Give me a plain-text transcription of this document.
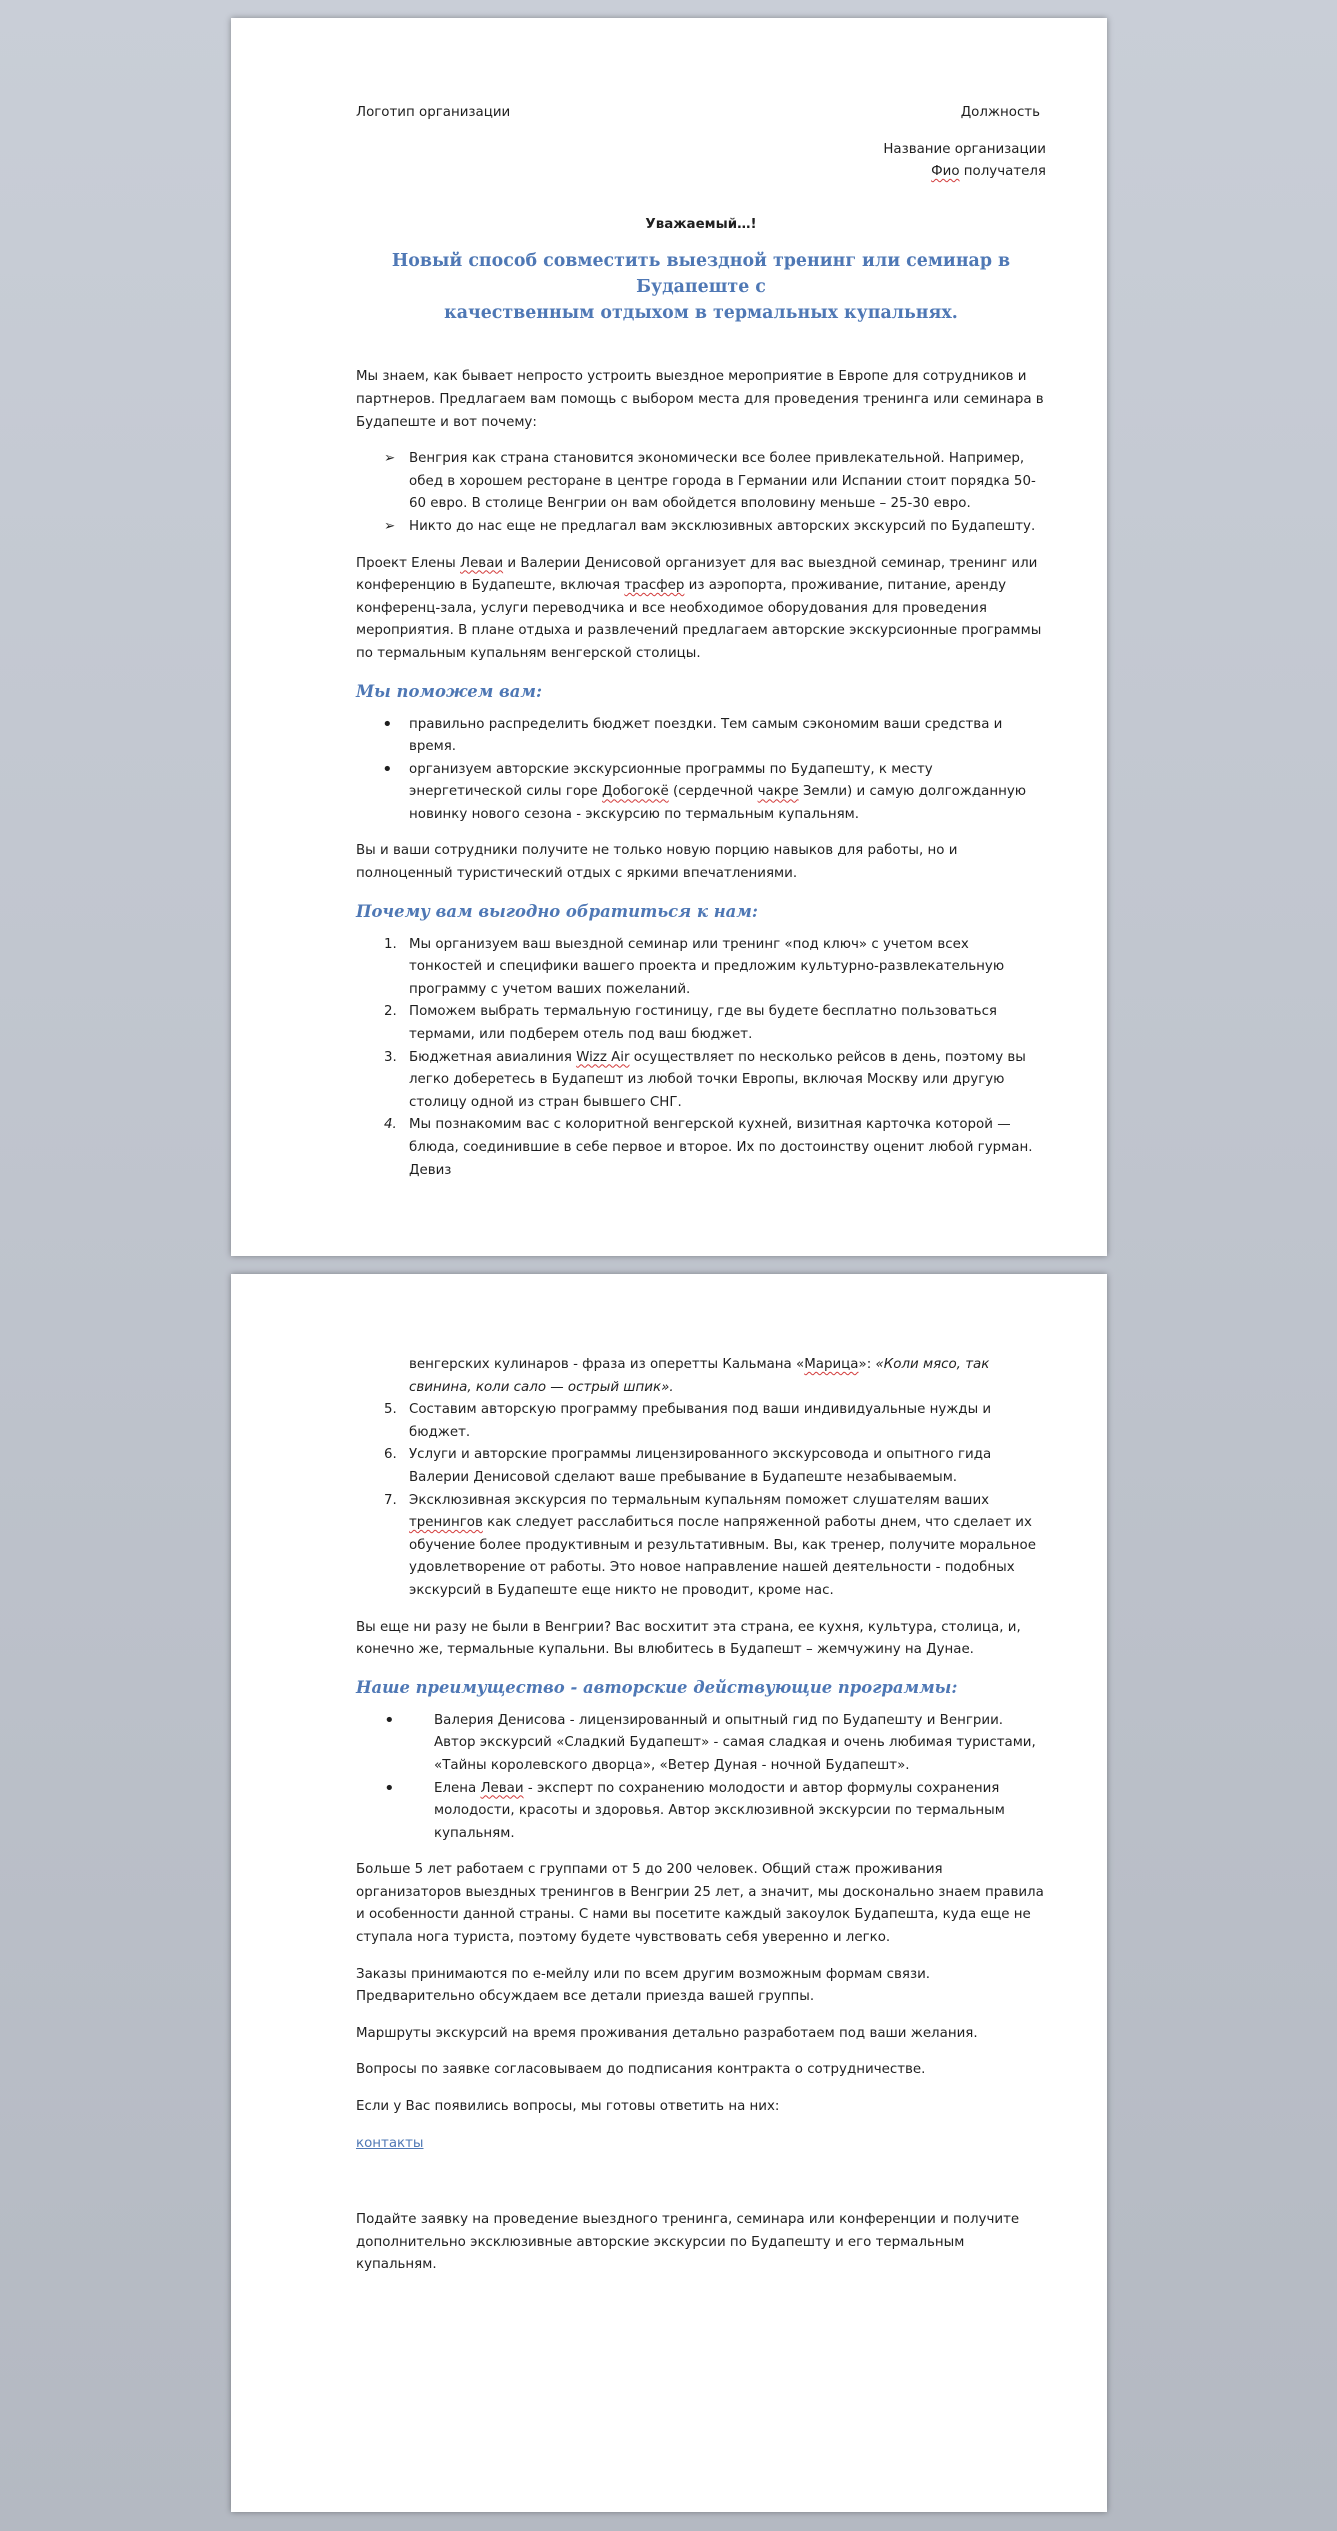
Логотип организации	Должность
Название организации
Фио получателя
Уважаемый…!
Новый способ совместить выездной тренинг или семинар в Будапеште с
качественным отдыхом в термальных купальнях.

Мы знаем, как бывает непросто устроить выездное мероприятие в Европе для сотрудников и партнеров. Предлагаем вам помощь с выбором места для проведения тренинга или семинара в Будапеште и вот почему:

➢ Венгрия как страна становится экономически все более привлекательной. Например, обед в хорошем ресторане в центре города в Германии или Испании стоит порядка 50-60 евро. В столице Венгрии он вам обойдется вполовину меньше – 25-30 евро.
➢ Никто до нас еще не предлагал вам эксклюзивных авторских экскурсий по Будапешту.

Проект Елены Леваи и Валерии Денисовой организует для вас выездной семинар, тренинг или конференцию в Будапеште, включая трасфер из аэропорта, проживание, питание, аренду конференц-зала, услуги переводчика и все необходимое оборудования для проведения мероприятия. В плане отдыха и развлечений предлагаем авторские экскурсионные программы по термальным купальням венгерской столицы.

Мы поможем вам:
• правильно распределить бюджет поездки. Тем самым сэкономим ваши средства и время.
• организуем авторские экскурсионные программы по Будапешту, к месту энергетической силы горе Добогокё (сердечной чакре Земли) и самую долгожданную новинку нового сезона - экскурсию по термальным купальням.

Вы и ваши сотрудники получите не только новую порцию навыков для работы, но и полноценный туристический отдых с яркими впечатлениями.

Почему вам выгодно обратиться к нам:
1. Мы организуем ваш выездной семинар или тренинг «под ключ» с учетом всех тонкостей и специфики вашего проекта и предложим культурно-развлекательную программу с учетом ваших пожеланий.
2. Поможем выбрать термальную гостиницу, где вы будете бесплатно пользоваться термами, или подберем отель под ваш бюджет.
3. Бюджетная авиалиния Wizz Air осуществляет по несколько рейсов в день, поэтому вы легко доберетесь в Будапешт из любой точки Европы, включая Москву или другую столицу одной из стран бывшего СНГ.
4. Мы познакомим вас с колоритной венгерской кухней, визитная карточка которой — блюда, соединившие в себе первое и второе. Их по достоинству оценит любой гурман. Девиз
венгерских кулинаров - фраза из оперетты Кальмана «Марица»: «Коли мясо, так свинина, коли сало — острый шпик».
5. Составим авторскую программу пребывания под ваши индивидуальные нужды и бюджет.
6. Услуги и авторские программы лицензированного экскурсовода и опытного гида Валерии Денисовой сделают ваше пребывание в Будапеште незабываемым.
7. Эксклюзивная экскурсия по термальным купальням поможет слушателям ваших тренингов как следует расслабиться после напряженной работы днем, что сделает их обучение более продуктивным и результативным. Вы, как тренер, получите моральное удовлетворение от работы. Это новое направление нашей деятельности - подобных экскурсий в Будапеште еще никто не проводит, кроме нас.

Вы еще ни разу не были в Венгрии? Вас восхитит эта страна, ее кухня, культура, столица, и, конечно же, термальные купальни. Вы влюбитесь в Будапешт – жемчужину на Дунае.

Наше преимущество - авторские действующие программы:
•	Валерия Денисова - лицензированный и опытный гид по Будапешту и Венгрии. Автор экскурсий «Сладкий Будапешт» - самая сладкая и очень любимая туристами, «Тайны королевского дворца», «Ветер Дуная - ночной Будапешт».
•	Елена Леваи - эксперт по сохранению молодости и автор формулы сохранения молодости, красоты и здоровья. Автор эксклюзивной экскурсии по термальным купальням.

Больше 5 лет работаем с группами от 5 до 200 человек. Общий стаж проживания организаторов выездных тренингов в Венгрии 25 лет, а значит, мы досконально знаем правила и особенности данной страны. С нами вы посетите каждый закоулок Будапешта, куда еще не ступала нога туриста, поэтому будете чувствовать себя уверенно и легко.

Заказы принимаются по е-мейлу или по всем другим возможным формам связи. Предварительно обсуждаем все детали приезда вашей группы.

Маршруты экскурсий на время проживания детально разработаем под ваши желания.

Вопросы по заявке согласовываем до подписания контракта о сотрудничестве.

Если у Вас появились вопросы, мы готовы ответить на них:

контакты

Подайте заявку на проведение выездного тренинга, семинара или конференции и получите дополнительно эксклюзивные авторские экскурсии по Будапешту и его термальным купальням.
